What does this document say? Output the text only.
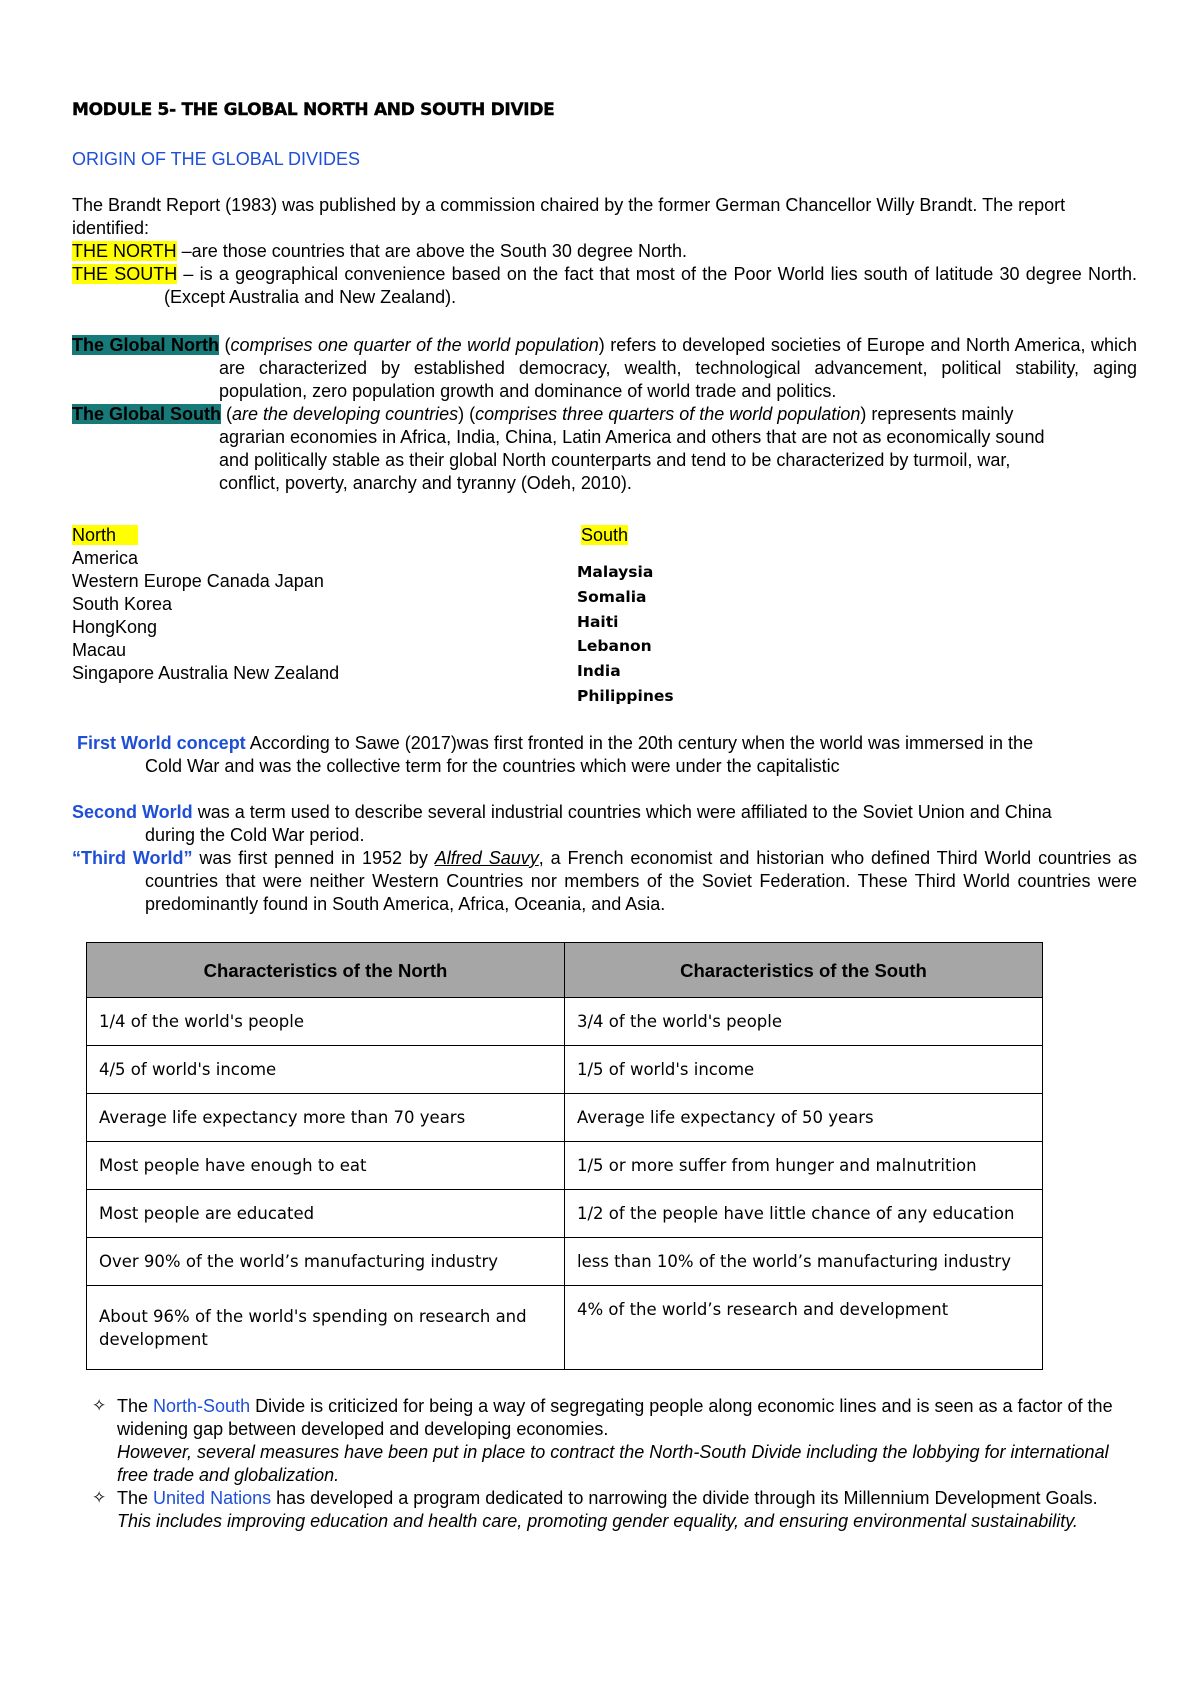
MODULE 5- THE GLOBAL NORTH AND SOUTH DIVIDE
ORIGIN OF THE GLOBAL DIVIDES
The Brandt Report (1983) was published by a commission chaired by the former German Chancellor Willy Brandt. The report identified:
THE NORTH –are those countries that are above the South 30 degree North.
THE SOUTH – is a geographical convenience based on the fact that most of the Poor World lies south of latitude 30 degree North. (Except Australia and New Zealand).
The Global North (comprises one quarter of the world population) refers to developed societies of Europe and North America, which are characterized by established democracy, wealth, technological advancement, political stability, aging population, zero population growth and dominance of world trade and politics.
The Global South (are the developing countries) (comprises three quarters of the world population) represents mainly agrarian economies in Africa, India, China, Latin America and others that are not as economically sound and politically stable as their global North counterparts and tend to be characterized by turmoil, war, conflict, poverty, anarchy and tyranny (Odeh, 2010).
North	South
America
Western Europe Canada Japan
South Korea
HongKong
Macau
Singapore Australia New Zealand
Malaysia
Somalia
Haiti
Lebanon
India
Philippines
First World concept According to Sawe (2017)was first fronted in the 20th century when the world was immersed in the Cold War and was the collective term for the countries which were under the capitalistic
Second World was a term used to describe several industrial countries which were affiliated to the Soviet Union and China during the Cold War period.
“Third World” was first penned in 1952 by Alfred Sauvy, a French economist and historian who defined Third World countries as countries that were neither Western Countries nor members of the Soviet Federation. These Third World countries were predominantly found in South America, Africa, Oceania, and Asia.
Characteristics of the North	Characteristics of the South
1/4 of the world's people	3/4 of the world's people
4/5 of world's income	1/5 of world's income
Average life expectancy more than 70 years	Average life expectancy of 50 years
Most people have enough to eat	1/5 or more suffer from hunger and malnutrition
Most people are educated	1/2 of the people have little chance of any education
Over 90% of the world’s manufacturing industry	less than 10% of the world’s manufacturing industry
About 96% of the world's spending on research and development	4% of the world’s research and development
✧ The North-South Divide is criticized for being a way of segregating people along economic lines and is seen as a factor of the widening gap between developed and developing economies.
However, several measures have been put in place to contract the North-South Divide including the lobbying for international free trade and globalization.
✧ The United Nations has developed a program dedicated to narrowing the divide through its Millennium Development Goals. This includes improving education and health care, promoting gender equality, and ensuring environmental sustainability.
